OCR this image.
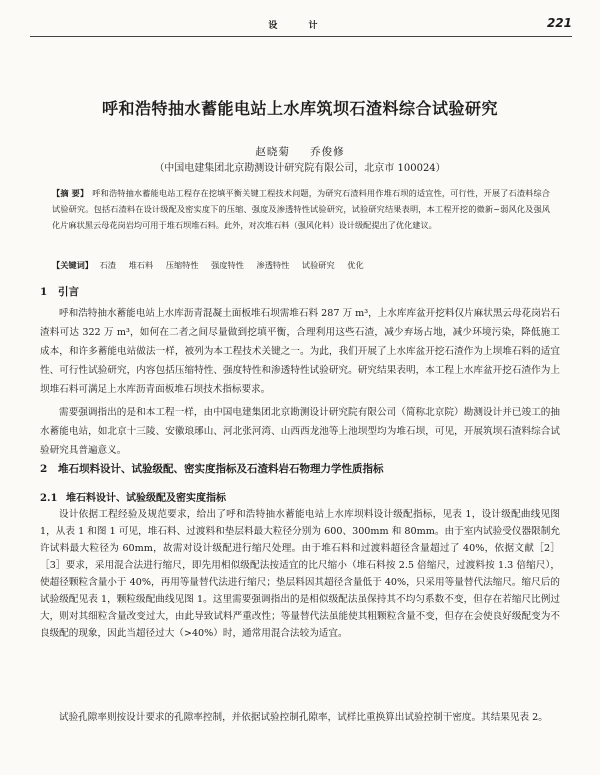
设 计	221
呼和浩特抽水蓄能电站上水库筑坝石渣料综合试验研究
赵晓菊 乔俊修
（中国电建集团北京勘测设计研究院有限公司，北京市 100024）
【摘 要】 呼和浩特抽水蓄能电站工程存在挖填平衡关键工程技术问题，为研究石渣料用作堆石坝的适宜性，可行性，开展了石渣料综合试验研究。包括石渣料在设计级配及密实度下的压缩、强度及渗透特性试验研究，试验研究结果表明，本工程开挖的微新~弱风化及强风化片麻状黑云母花岗岩均可用于堆石坝堆石料。此外，对次堆石料（强风化料）设计级配提出了优化建议。
【关键词】 石渣 堆石料 压缩特性 强度特性 渗透特性 试验研究 优化
1 引言
呼和浩特抽水蓄能电站上水库沥青混凝土面板堆石坝需堆石料 287 万 m³，上水库库盆开挖料仅片麻状黑云母花岗岩石渣料可达 322 万 m³，如何在二者之间尽量做到挖填平衡，合理利用这些石渣，减少弃场占地，减少环境污染，降低施工成本，和许多蓄能电站做法一样，被列为本工程技术关键之一。为此，我们开展了上水库盆开挖石渣作为上坝堆石料的适宜性、可行性试验研究，内容包括压缩特性、强度特性和渗透特性试验研究。研究结果表明，本工程上水库盆开挖石渣作为上坝堆石料可满足上水库沥青面板堆石坝技术指标要求。
需要强调指出的是和本工程一样，由中国电建集团北京勘测设计研究院有限公司（简称北京院）勘测设计并已竣工的抽水蓄能电站，如北京十三陵、安徽琅琊山、河北张河湾、山西西龙池等上池坝型均为堆石坝，可见，开展筑坝石渣料综合试验研究具普遍意义。
2 堆石坝料设计、试验级配、密实度指标及石渣料岩石物理力学性质指标
2.1 堆石料设计、试验级配及密实度指标
设计依据工程经验及规范要求，给出了呼和浩特抽水蓄能电站上水库坝料设计级配指标，见表 1，设计级配曲线见图 1，从表 1 和图 1 可见，堆石料、过渡料和垫层料最大粒径分别为 600、300mm 和 80mm。由于室内试验受仪器限制允许试料最大粒径为 60mm，故需对设计级配进行缩尺处理。由于堆石料和过渡料超径含量超过了 40%，依据文献［2］［3］要求，采用混合法进行缩尺，即先用相似级配法按适宜的比尺缩小（堆石料按 2.5 倍缩尺，过渡料按 1.3 倍缩尺），使超径颗粒含量小于 40%，再用等量替代法进行缩尺；垫层料因其超径含量低于 40%，只采用等量替代法缩尺。缩尺后的试验级配见表 1，颗粒级配曲线见图 1。这里需要强调指出的是相似级配法虽保持其不均匀系数不变，但存在若缩尺比例过大，则对其细粒含量改变过大，由此导致试料严重改性；等量替代法虽能使其粗颗粒含量不变，但存在会使良好级配变为不良级配的现象，因此当超径过大（>40%）时，通常用混合法较为适宜。
试验孔隙率则按设计要求的孔隙率控制，并依据试验控制孔隙率，试样比重换算出试验控制干密度。其结果见表 2。
